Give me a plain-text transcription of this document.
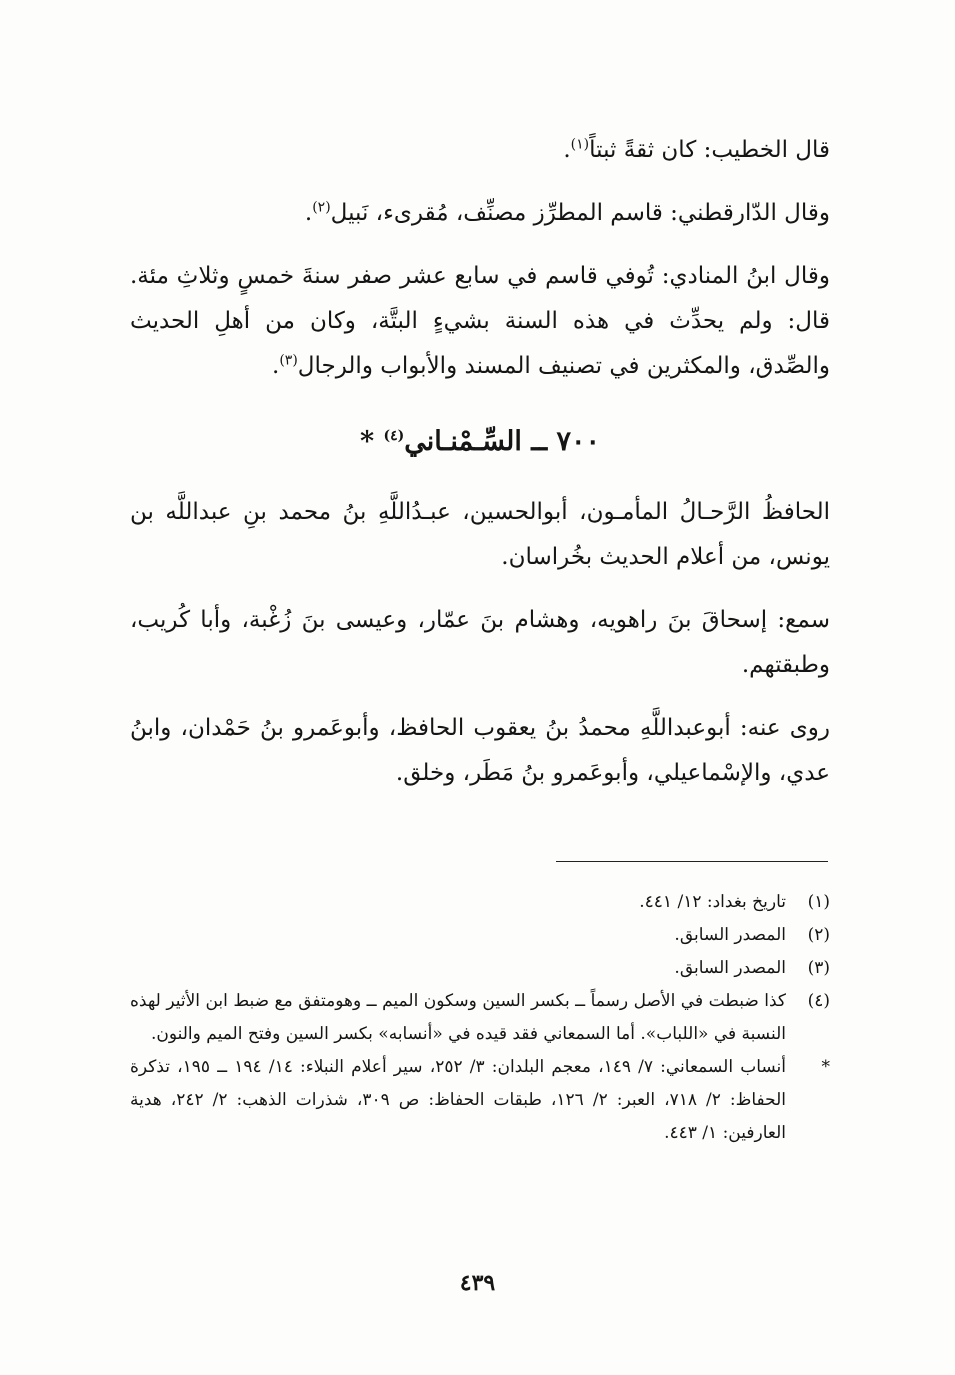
قال الخطيب: كان ثقةً ثبتاً$^{(١)}$.

وقال الدّارقطني: قاسم المطرِّز مصنِّف، مُقرىء، نَبيل$^{(٢)}$.

وقال ابنُ المنادي: تُوفي قاسم في سابع عشر صفر سنةَ خمسٍ وثلاثِ مئة. قال: ولم يحدِّث في هذه السنة بشيءٍ البتَّة، وكان من أهلِ الحديث والصِّدق، والمكثرين في تصنيف المسند والأبواب والرجال$^{(٣)}$.

٧٠٠ ــ السِّـمْنـاني$^{(٤)}$ *

الحافظُ الرَّحـالُ المأمـون، أبوالحسين، عبـدُاللَّهِ بنُ محمد بنِ عبداللَّه بن يونس، من أعلام الحديث بخُراسان.

سمع: إسحاقَ بنَ راهويه، وهشام بنَ عمّار، وعيسى بنَ زُغْبة، وأبا كُريب، وطبقتهم.

روى عنه: أبوعبداللَّهِ محمدُ بنُ يعقوب الحافظ، وأبوعَمرو بنُ حَمْدان، وابنُ عدي، والإسْماعيلي، وأبوعَمرو بنُ مَطَر، وخلق.

(١)
تاريخ بغداد: ١٢/ ٤٤١.
(٢)
المصدر السابق.
(٣)
المصدر السابق.
(٤)
كذا ضبطت في الأصل رسماً ــ بكسر السين وسكون الميم ــ وهومتفق مع ضبط ابن الأثير لهذه النسبة في «اللباب». أما السمعاني فقد قيده في «أنسابه» بكسر السين وفتح الميم والنون.
*
أنساب السمعاني: ٧/ ١٤٩، معجم البلدان: ٣/ ٢٥٢، سير أعلام النبلاء: ١٤/ ١٩٤ ــ ١٩٥، تذكرة الحفاظ: ٢/ ٧١٨، العبر: ٢/ ١٢٦، طبقات الحفاظ: ص ٣٠٩، شذرات الذهب: ٢/ ٢٤٢، هدية العارفين: ١/ ٤٤٣.
٤٣٩
